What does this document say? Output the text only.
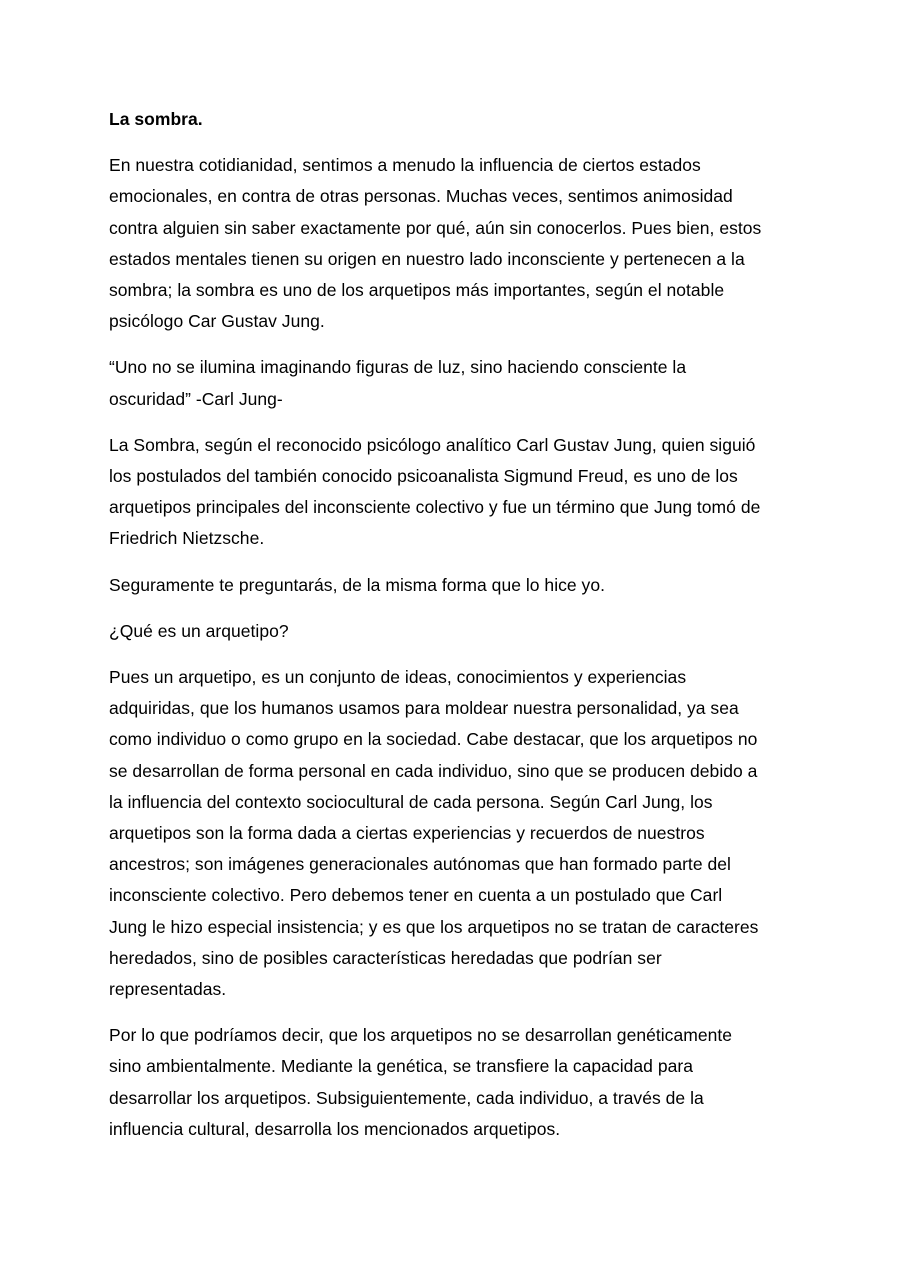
La sombra.
En nuestra cotidianidad, sentimos a menudo la influencia de ciertos estados
emocionales, en contra de otras personas. Muchas veces, sentimos animosidad
contra alguien sin saber exactamente por qué, aún sin conocerlos. Pues bien, estos
estados mentales tienen su origen en nuestro lado inconsciente y pertenecen a la
sombra; la sombra es uno de los arquetipos más importantes, según el notable
psicólogo Car Gustav Jung.
“Uno no se ilumina imaginando figuras de luz, sino haciendo consciente la
oscuridad” -Carl Jung-
La Sombra, según el reconocido psicólogo analítico Carl Gustav Jung, quien siguió
los postulados del también conocido psicoanalista Sigmund Freud, es uno de los
arquetipos principales del inconsciente colectivo y fue un término que Jung tomó de
Friedrich Nietzsche.
Seguramente te preguntarás, de la misma forma que lo hice yo.
¿Qué es un arquetipo?
Pues un arquetipo, es un conjunto de ideas, conocimientos y experiencias
adquiridas, que los humanos usamos para moldear nuestra personalidad, ya sea
como individuo o como grupo en la sociedad. Cabe destacar, que los arquetipos no
se desarrollan de forma personal en cada individuo, sino que se producen debido a
la influencia del contexto sociocultural de cada persona. Según Carl Jung, los
arquetipos son la forma dada a ciertas experiencias y recuerdos de nuestros
ancestros; son imágenes generacionales autónomas que han formado parte del
inconsciente colectivo. Pero debemos tener en cuenta a un postulado que Carl
Jung le hizo especial insistencia; y es que los arquetipos no se tratan de caracteres
heredados, sino de posibles características heredadas que podrían ser
representadas.
Por lo que podríamos decir, que los arquetipos no se desarrollan genéticamente
sino ambientalmente. Mediante la genética, se transfiere la capacidad para
desarrollar los arquetipos. Subsiguientemente, cada individuo, a través de la
influencia cultural, desarrolla los mencionados arquetipos.
